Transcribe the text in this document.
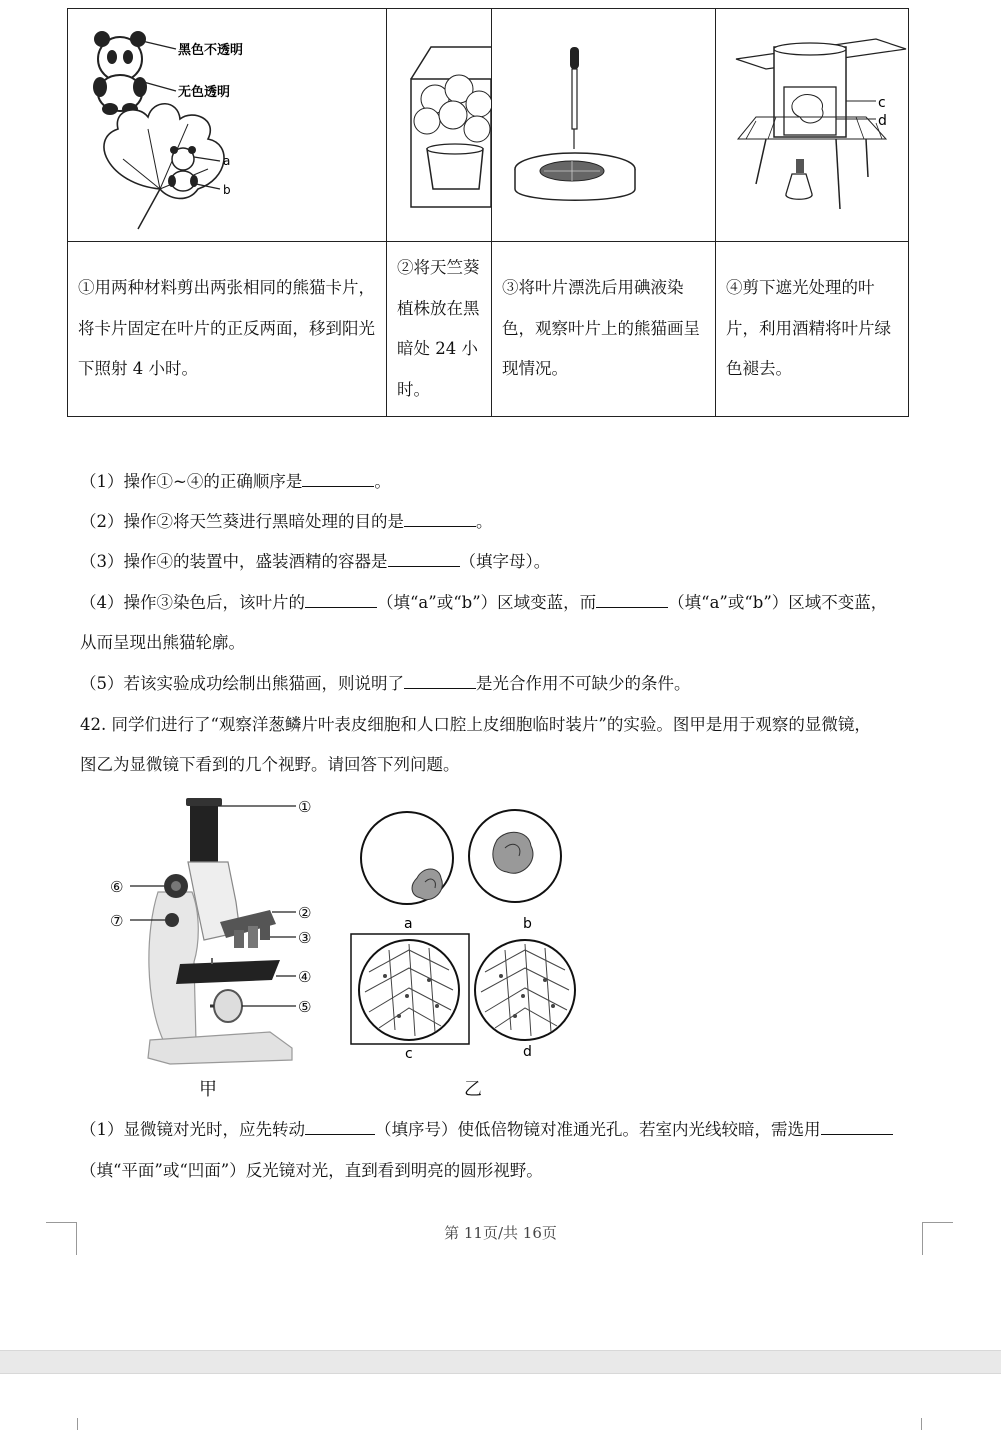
黑色不透明
无色透明
a
b			c
d

①用两种材料剪出两张相同的熊猫卡片，将卡片固定在叶片的正反两面，移到阳光下照射 4 小时。	②将天竺葵植株放在黑暗处 24 小时。	③将叶片漂洗后用碘液染色，观察叶片上的熊猫画呈现情况。	④剪下遮光处理的叶片，利用酒精将叶片绿色褪去。
（1）操作①~④的正确顺序是	。
（2）操作②将天竺葵进行黑暗处理的目的是	。
（3）操作④的装置中，盛装酒精的容器是	（填字母）。
（4）操作③染色后，该叶片的	（填“a”或“b”）区域变蓝，而	（填“a”或“b”）区域不变蓝，
从而呈现出熊猫轮廓。
（5）若该实验成功绘制出熊猫画，则说明了	是光合作用不可缺少的条件。
42. 同学们进行了“观察洋葱鳞片叶表皮细胞和人口腔上皮细胞临时装片”的实验。图甲是用于观察的显微镜，
图乙为显微镜下看到的几个视野。请回答下列问题。
①
②
③
④
⑤
⑥
⑦
甲
a	b
c	d
乙
（1）显微镜对光时，应先转动	（填序号）使低倍物镜对准通光孔。若室内光线较暗，需选用
（填“平面”或“凹面”）反光镜对光，直到看到明亮的圆形视野。
第 11页/共 16页
